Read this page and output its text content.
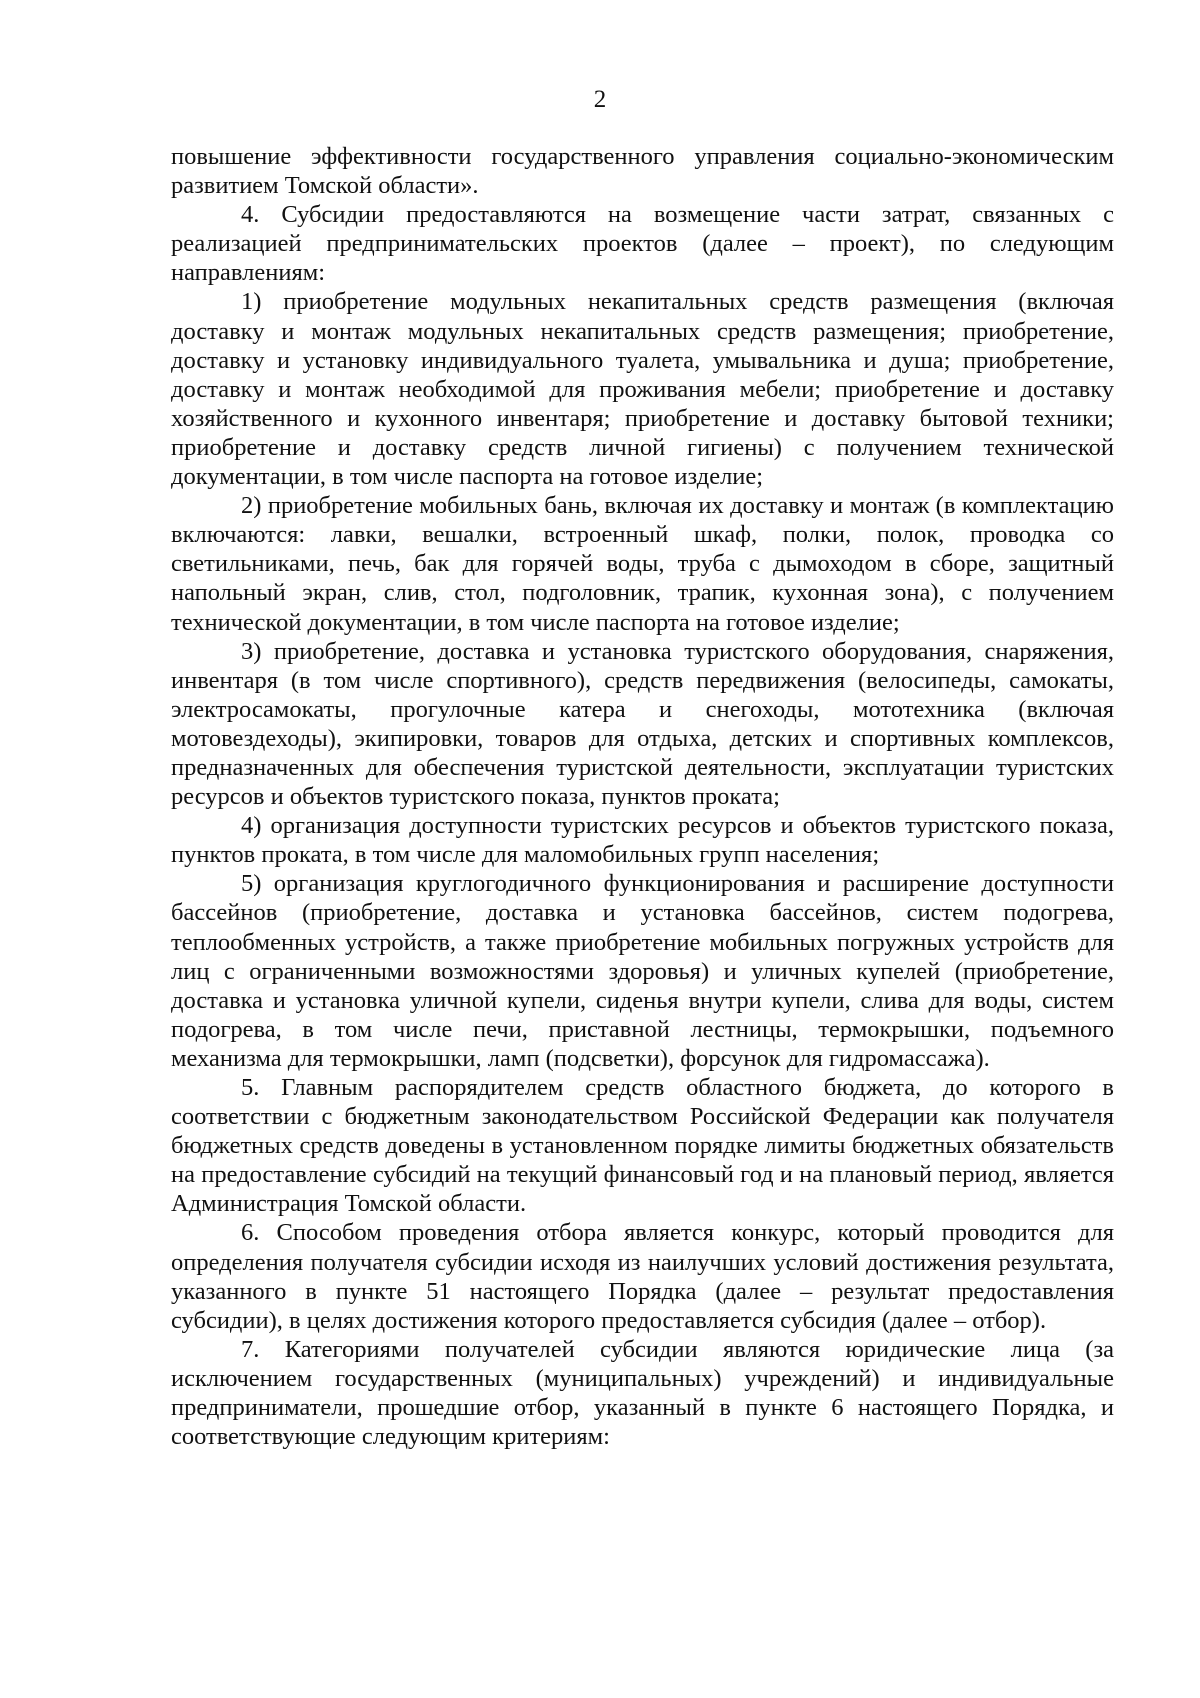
2

повышение эффективности государственного управления социально-экономическим развитием Томской области».

4. Субсидии предоставляются на возмещение части затрат, связанных с реализацией предпринимательских проектов (далее – проект), по следующим направлениям:

1) приобретение модульных некапитальных средств размещения (включая доставку и монтаж модульных некапитальных средств размещения; приобретение, доставку и установку индивидуального туалета, умывальника и душа; приобретение, доставку и монтаж необходимой для проживания мебели; приобретение и доставку хозяйственного и кухонного инвентаря; приобретение и доставку бытовой техники; приобретение и доставку средств личной гигиены) с получением технической документации, в том числе паспорта на готовое изделие;

2) приобретение мобильных бань, включая их доставку и монтаж (в комплектацию включаются: лавки, вешалки, встроенный шкаф, полки, полок, проводка со светильниками, печь, бак для горячей воды, труба с дымоходом в сборе, защитный напольный экран, слив, стол, подголовник, трапик, кухонная зона), с получением технической документации, в том числе паспорта на готовое изделие;

3) приобретение, доставка и установка туристского оборудования, снаряжения, инвентаря (в том числе спортивного), средств передвижения (велосипеды, самокаты, электросамокаты, прогулочные катера и снегоходы, мототехника (включая мотовездеходы), экипировки, товаров для отдыха, детских и спортивных комплексов, предназначенных для обеспечения туристской деятельности, эксплуатации туристских ресурсов и объектов туристского показа, пунктов проката;

4) организация доступности туристских ресурсов и объектов туристского показа, пунктов проката, в том числе для маломобильных групп населения;

5) организация круглогодичного функционирования и расширение доступности бассейнов (приобретение, доставка и установка бассейнов, систем подогрева, теплообменных устройств, а также приобретение мобильных погружных устройств для лиц с ограниченными возможностями здоровья) и уличных купелей (приобретение, доставка и установка уличной купели, сиденья внутри купели, слива для воды, систем подогрева, в том числе печи, приставной лестницы, термокрышки, подъемного механизма для термокрышки, ламп (подсветки), форсунок для гидромассажа).

5. Главным распорядителем средств областного бюджета, до которого в соответствии с бюджетным законодательством Российской Федерации как получателя бюджетных средств доведены в установленном порядке лимиты бюджетных обязательств на предоставление субсидий на текущий финансовый год и на плановый период, является Администрация Томской области.

6. Способом проведения отбора является конкурс, который проводится для определения получателя субсидии исходя из наилучших условий достижения результата, указанного в пункте 51 настоящего Порядка (далее – результат предоставления субсидии), в целях достижения которого предоставляется субсидия (далее – отбор).

7. Категориями получателей субсидии являются юридические лица (за исключением государственных (муниципальных) учреждений) и индивидуальные предприниматели, прошедшие отбор, указанный в пункте 6 настоящего Порядка, и соответствующие следующим критериям:
